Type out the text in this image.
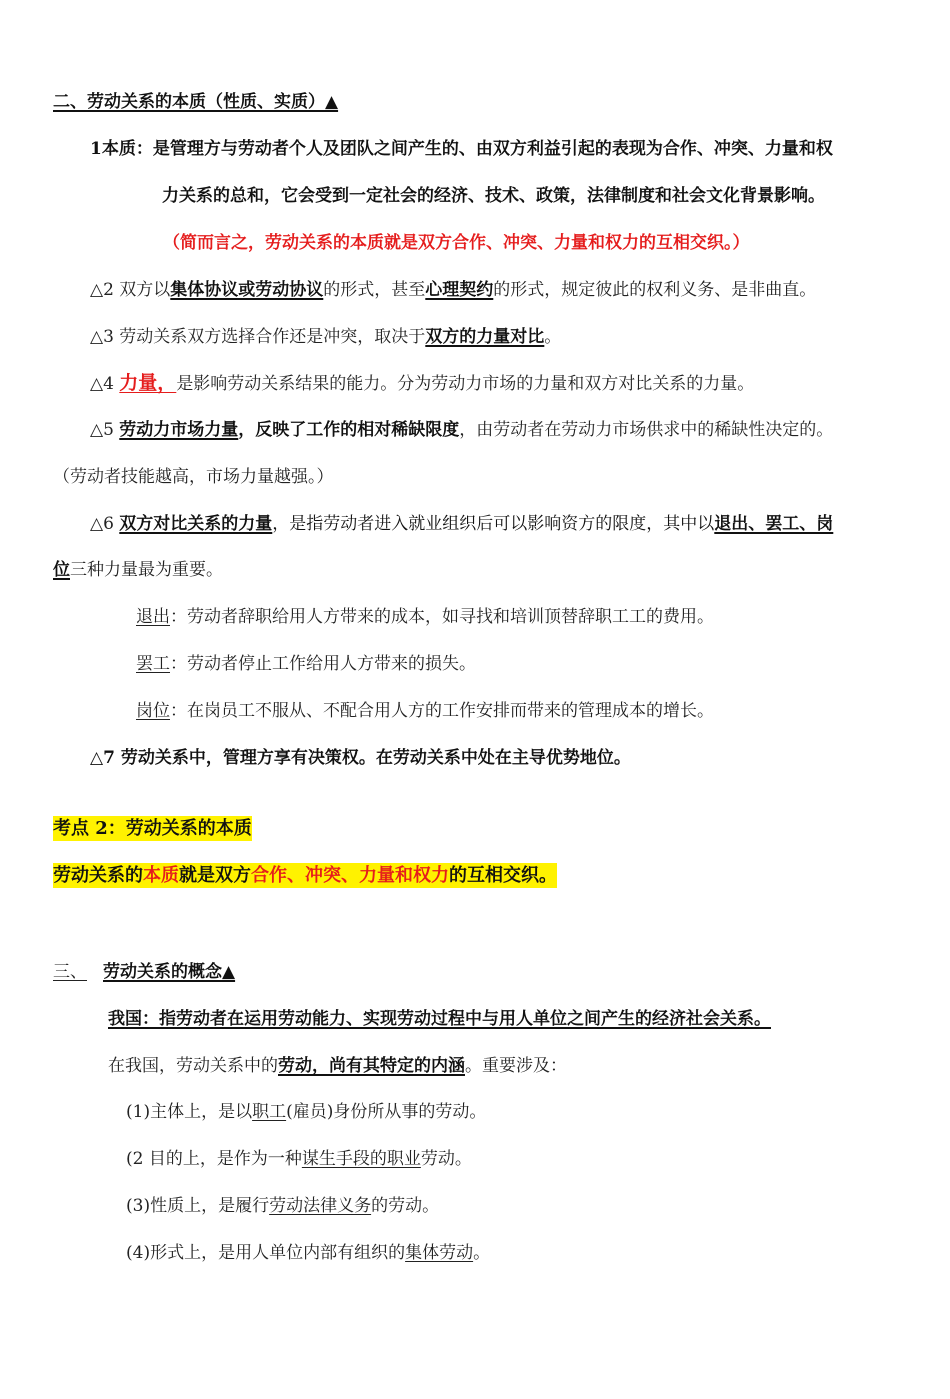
二、劳动关系的本质（性质、实质）▲
1本质：是管理方与劳动者个人及团队之间产生的、由双方利益引起的表现为合作、冲突、力量和权
力关系的总和，它会受到一定社会的经济、技术、政策，法律制度和社会文化背景影响。
（简而言之，劳动关系的本质就是双方合作、冲突、力量和权力的互相交织。）
△2 双方以集体协议或劳动协议的形式，甚至心理契约的形式，规定彼此的权利义务、是非曲直。
△3 劳动关系双方选择合作还是冲突，取决于双方的力量对比。
△4 力量，是影响劳动关系结果的能力。分为劳动力市场的力量和双方对比关系的力量。
△5 劳动力市场力量，反映了工作的相对稀缺限度，由劳动者在劳动力市场供求中的稀缺性决定的。
（劳动者技能越高，市场力量越强。）
△6 双方对比关系的力量，是指劳动者进入就业组织后可以影响资方的限度，其中以退出、罢工、岗
位三种力量最为重要。
退出：劳动者辞职给用人方带来的成本，如寻找和培训顶替辞职工工的费用。
罢工：劳动者停止工作给用人方带来的损失。
岗位：在岗员工不服从、不配合用人方的工作安排而带来的管理成本的增长。
△7 劳动关系中，管理方享有决策权。在劳动关系中处在主导优势地位。
考点 2：劳动关系的本质
劳动关系的本质就是双方合作、冲突、力量和权力的互相交织。
三、 劳动关系的概念▲
我国：指劳动者在运用劳动能力、实现劳动过程中与用人单位之间产生的经济社会关系。
在我国，劳动关系中的劳动，尚有其特定的内涵。重要涉及：
(1)主体上，是以职工(雇员)身份所从事的劳动。
(2 目的上，是作为一种谋生手段的职业劳动。
(3)性质上，是履行劳动法律义务的劳动。
(4)形式上，是用人单位内部有组织的集体劳动。
